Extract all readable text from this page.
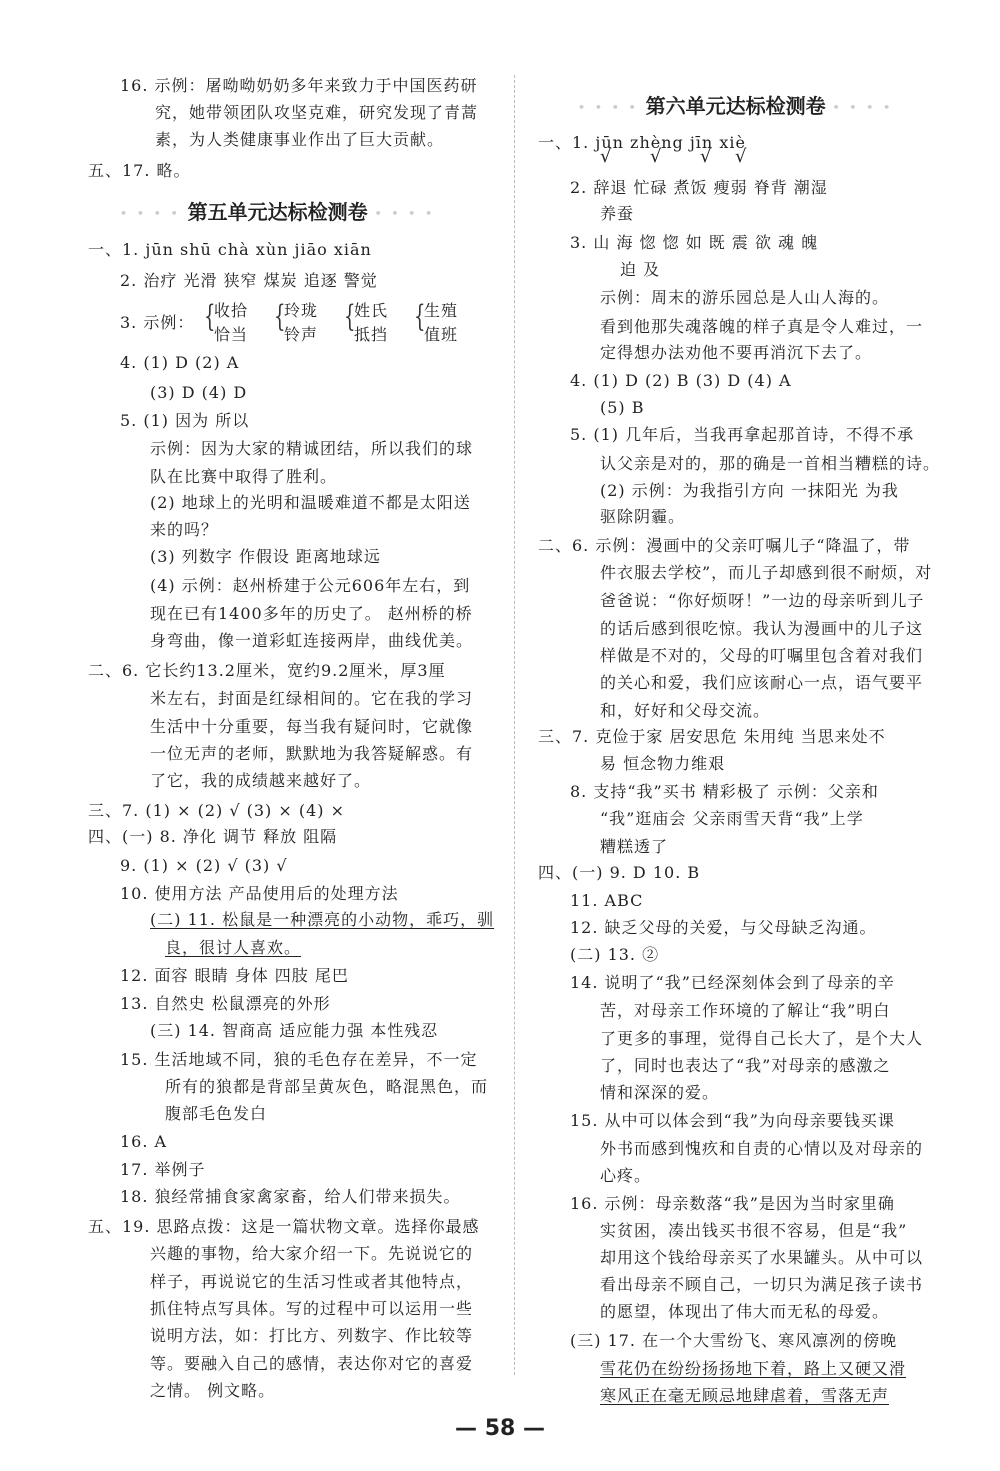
• • • • 第五单元达标检测卷 • • • •
16. 示例：屠呦呦奶奶多年来致力于中国医药研
究，她带领团队攻坚克难，研究发现了青蒿
素，为人类健康事业作出了巨大贡献。
五、17. 略。
一、1. jūn shū chà xùn jiāo xiān
2. 治疗 光滑 狭窄 煤炭 追逐 警觉
4. (1) D (2) A
(3) D (4) D
5. (1) 因为 所以
示例：因为大家的精诚团结，所以我们的球
队在比赛中取得了胜利。
(2) 地球上的光明和温暖难道不都是太阳送
来的吗？
(3) 列数字 作假设 距离地球远
(4) 示例：赵州桥建于公元606年左右，到
现在已有1400多年的历史了。 赵州桥的桥
身弯曲，像一道彩虹连接两岸，曲线优美。
二、6. 它长约13.2厘米，宽约9.2厘米，厚3厘
米左右，封面是红绿相间的。它在我的学习
生活中十分重要，每当我有疑问时，它就像
一位无声的老师，默默地为我答疑解惑。有
了它，我的成绩越来越好了。
三、7. (1) × (2) √ (3) × (4) ×
四、(一) 8. 净化 调节 释放 阻隔
9. (1) × (2) √ (3) √
10. 使用方法 产品使用后的处理方法
(二) 11. 松鼠是一种漂亮的小动物，乖巧，驯
良，很讨人喜欢。
12. 面容 眼睛 身体 四肢 尾巴
13. 自然史 松鼠漂亮的外形
(三) 14. 智商高 适应能力强 本性残忍
15. 生活地域不同，狼的毛色存在差异，不一定
所有的狼都是背部呈黄灰色，略混黑色，而
腹部毛色发白
16. A
17. 举例子
18. 狼经常捕食家禽家畜，给人们带来损失。
五、19. 思路点拨：这是一篇状物文章。选择你最感
兴趣的事物，给大家介绍一下。先说说它的
样子，再说说它的生活习性或者其他特点，
抓住特点写具体。写的过程中可以运用一些
说明方法，如：打比方、列数字、作比较等
等。要融入自己的感情，表达你对它的喜爱
之情。 例文略。
3. 示例： {
收拾
恰当
{
玲珑
铃声
{
姓氏
抵挡
{
生殖
值班
• • • • 第六单元达标检测卷 • • • •
√ √ √ √
一、1. jūn zhèng jīn xiè
2. 辞退 忙碌 煮饭 瘦弱 脊背 潮湿
养蚕
3. 山 海 惚 惚 如 既 震 欲 魂 魄
迫 及
示例：周末的游乐园总是人山人海的。
看到他那失魂落魄的样子真是令人难过，一
定得想办法劝他不要再消沉下去了。
4. (1) D (2) B (3) D (4) A
(5) B
5. (1) 几年后，当我再拿起那首诗，不得不承
认父亲是对的，那的确是一首相当糟糕的诗。
(2) 示例：为我指引方向 一抹阳光 为我
驱除阴霾。
二、6. 示例：漫画中的父亲叮嘱儿子“降温了，带
件衣服去学校”，而儿子却感到很不耐烦，对
爸爸说：“你好烦呀！”一边的母亲听到儿子
的话后感到很吃惊。我认为漫画中的儿子这
样做是不对的，父母的叮嘱里包含着对我们
的关心和爱，我们应该耐心一点，语气要平
和，好好和父母交流。
三、7. 克俭于家 居安思危 朱用纯 当思来处不
易 恒念物力维艰
8. 支持“我”买书 精彩极了 示例：父亲和
“我”逛庙会 父亲雨雪天背“我”上学
糟糕透了
四、(一) 9. D 10. B
11. ABC
12. 缺乏父母的关爱，与父母缺乏沟通。
(二) 13. ②
14. 说明了“我”已经深刻体会到了母亲的辛
苦，对母亲工作环境的了解让“我”明白
了更多的事理，觉得自己长大了，是个大人
了，同时也表达了“我”对母亲的感激之
情和深深的爱。
15. 从中可以体会到“我”为向母亲要钱买课
外书而感到愧疚和自责的心情以及对母亲的
心疼。
16. 示例：母亲数落“我”是因为当时家里确
实贫困，凑出钱买书很不容易，但是“我”
却用这个钱给母亲买了水果罐头。从中可以
看出母亲不顾自己，一切只为满足孩子读书
的愿望，体现出了伟大而无私的母爱。
(三) 17. 在一个大雪纷飞、寒风凛冽的傍晚
雪花仍在纷纷扬扬地下着，路上又硬又滑
寒风正在毫无顾忌地肆虐着，雪落无声
— 58 —
